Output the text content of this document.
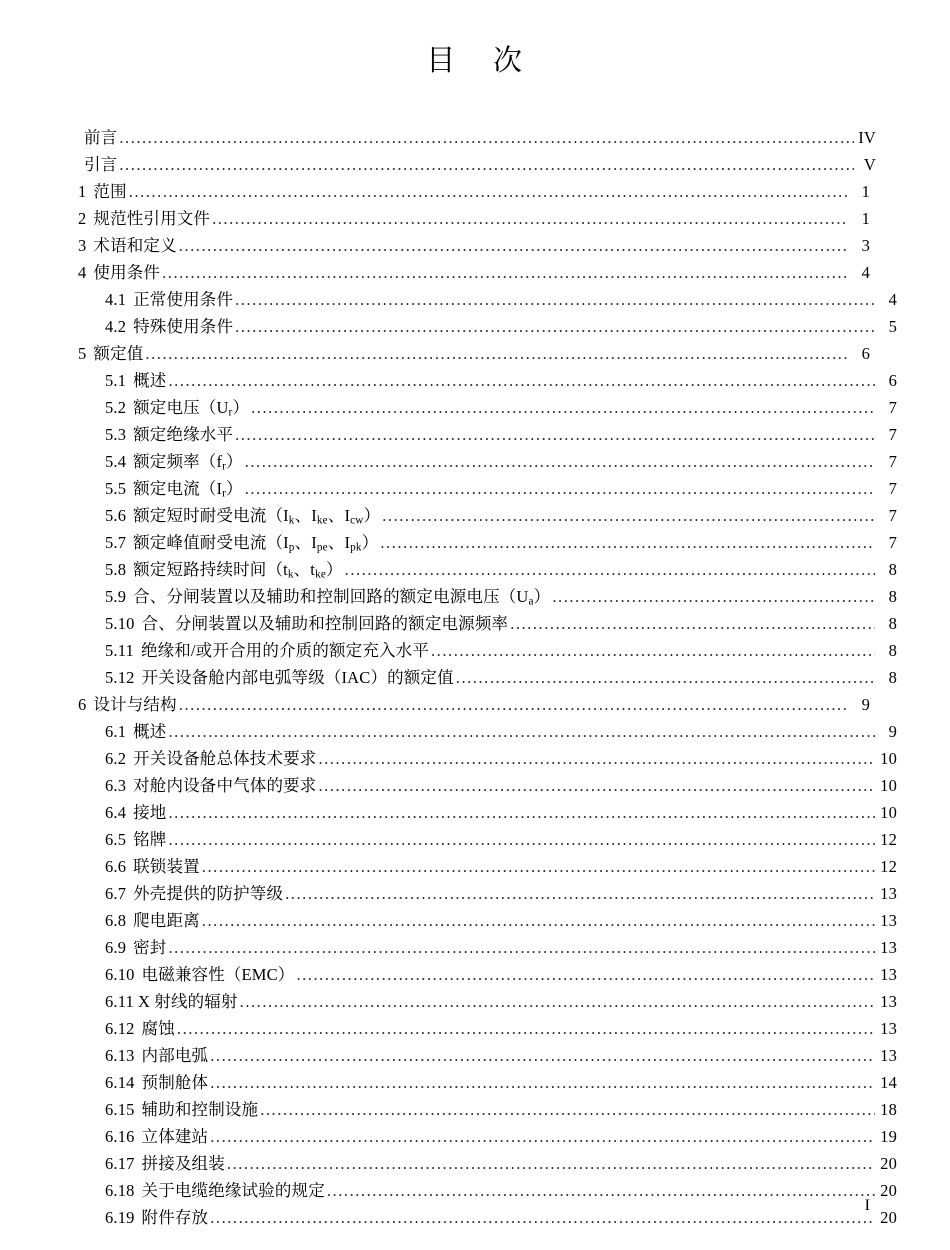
目    次
前言 .....	IV
引言 .....	V
1 范围 .....	1
2 规范性引用文件 .....	1
3 术语和定义 .....	3
4 使用条件 .....	4
4.1 正常使用条件 .....	4
4.2 特殊使用条件 .....	5
5 额定值 .....	6
5.1 概述 .....	6
5.2 额定电压$(U_r)$ .....	7
5.3 额定绝缘水平 .....	7
5.4 额定频率$(f_r)$ .....	7
5.5 额定电流$(I_r)$ .....	7
5.6 额定短时耐受电流（$I_k$、$I_{ke}$、$I_{cw}$） .....	7
5.7 额定峰值耐受电流（$I_p$、$I_{pe}$、$I_{pk}$） .....	7
5.8 额定短路持续时间（$t_k$、$t_{ke}$） .....	8
5.9 合、分闸装置以及辅助和控制回路的额定电源电压$(U_a)$ .....	8
5.10 合、分闸装置以及辅助和控制回路的额定电源频率 .....	8
5.11 绝缘和/或开合用的介质的额定充入水平 .....	8
5.12 开关设备舱内部电弧等级（IAC）的额定值 .....	8
6 设计与结构 .....	9
6.1 概述 .....	9
6.2 开关设备舱总体技术要求 .....	10
6.3 对舱内设备中气体的要求 .....	10
6.4 接地 .....	10
6.5 铭牌 .....	12
6.6 联锁装置 .....	12
6.7 外壳提供的防护等级 .....	13
6.8 爬电距离 .....	13
6.9 密封 .....	13
6.10 电磁兼容性（EMC） .....	13
6.11 X 射线的辐射 .....	13
6.12 腐蚀 .....	13
6.13 内部电弧 .....	13
6.14 预制舱体 .....	14
6.15 辅助和控制设施 .....	18
6.16 立体建站 .....	19
6.17 拼接及组装 .....	20
6.18 关于电缆绝缘试验的规定 .....	20
6.19 附件存放 .....	20
I
